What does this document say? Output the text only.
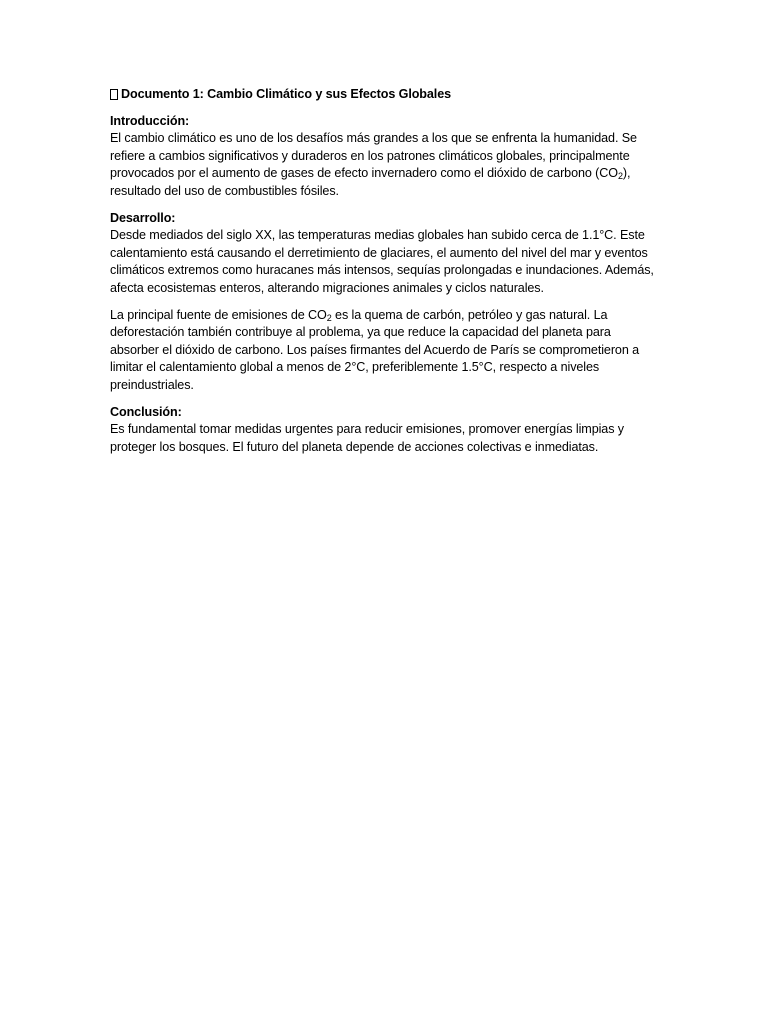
Documento 1: Cambio Climático y sus Efectos Globales
Introducción:

El cambio climático es uno de los desafíos más grandes a los que se enfrenta la humanidad. Se refiere a cambios significativos y duraderos en los patrones climáticos globales, principalmente provocados por el aumento de gases de efecto invernadero como el dióxido de carbono $(CO_2)$, resultado del uso de combustibles fósiles.

Desarrollo:

Desde mediados del siglo XX, las temperaturas medias globales han subido cerca de 1.1°C. Este calentamiento está causando el derretimiento de glaciares, el aumento del nivel del mar y eventos climáticos extremos como huracanes más intensos, sequías prolongadas e inundaciones. Además, afecta ecosistemas enteros, alterando migraciones animales y ciclos naturales.

La principal fuente de emisiones de $CO_2$ es la quema de carbón, petróleo y gas natural. La deforestación también contribuye al problema, ya que reduce la capacidad del planeta para absorber el dióxido de carbono. Los países firmantes del Acuerdo de París se comprometieron a limitar el calentamiento global a menos de 2°C, preferiblemente 1.5°C, respecto a niveles preindustriales.

Conclusión:

Es fundamental tomar medidas urgentes para reducir emisiones, promover energías limpias y proteger los bosques. El futuro del planeta depende de acciones colectivas e inmediatas.
